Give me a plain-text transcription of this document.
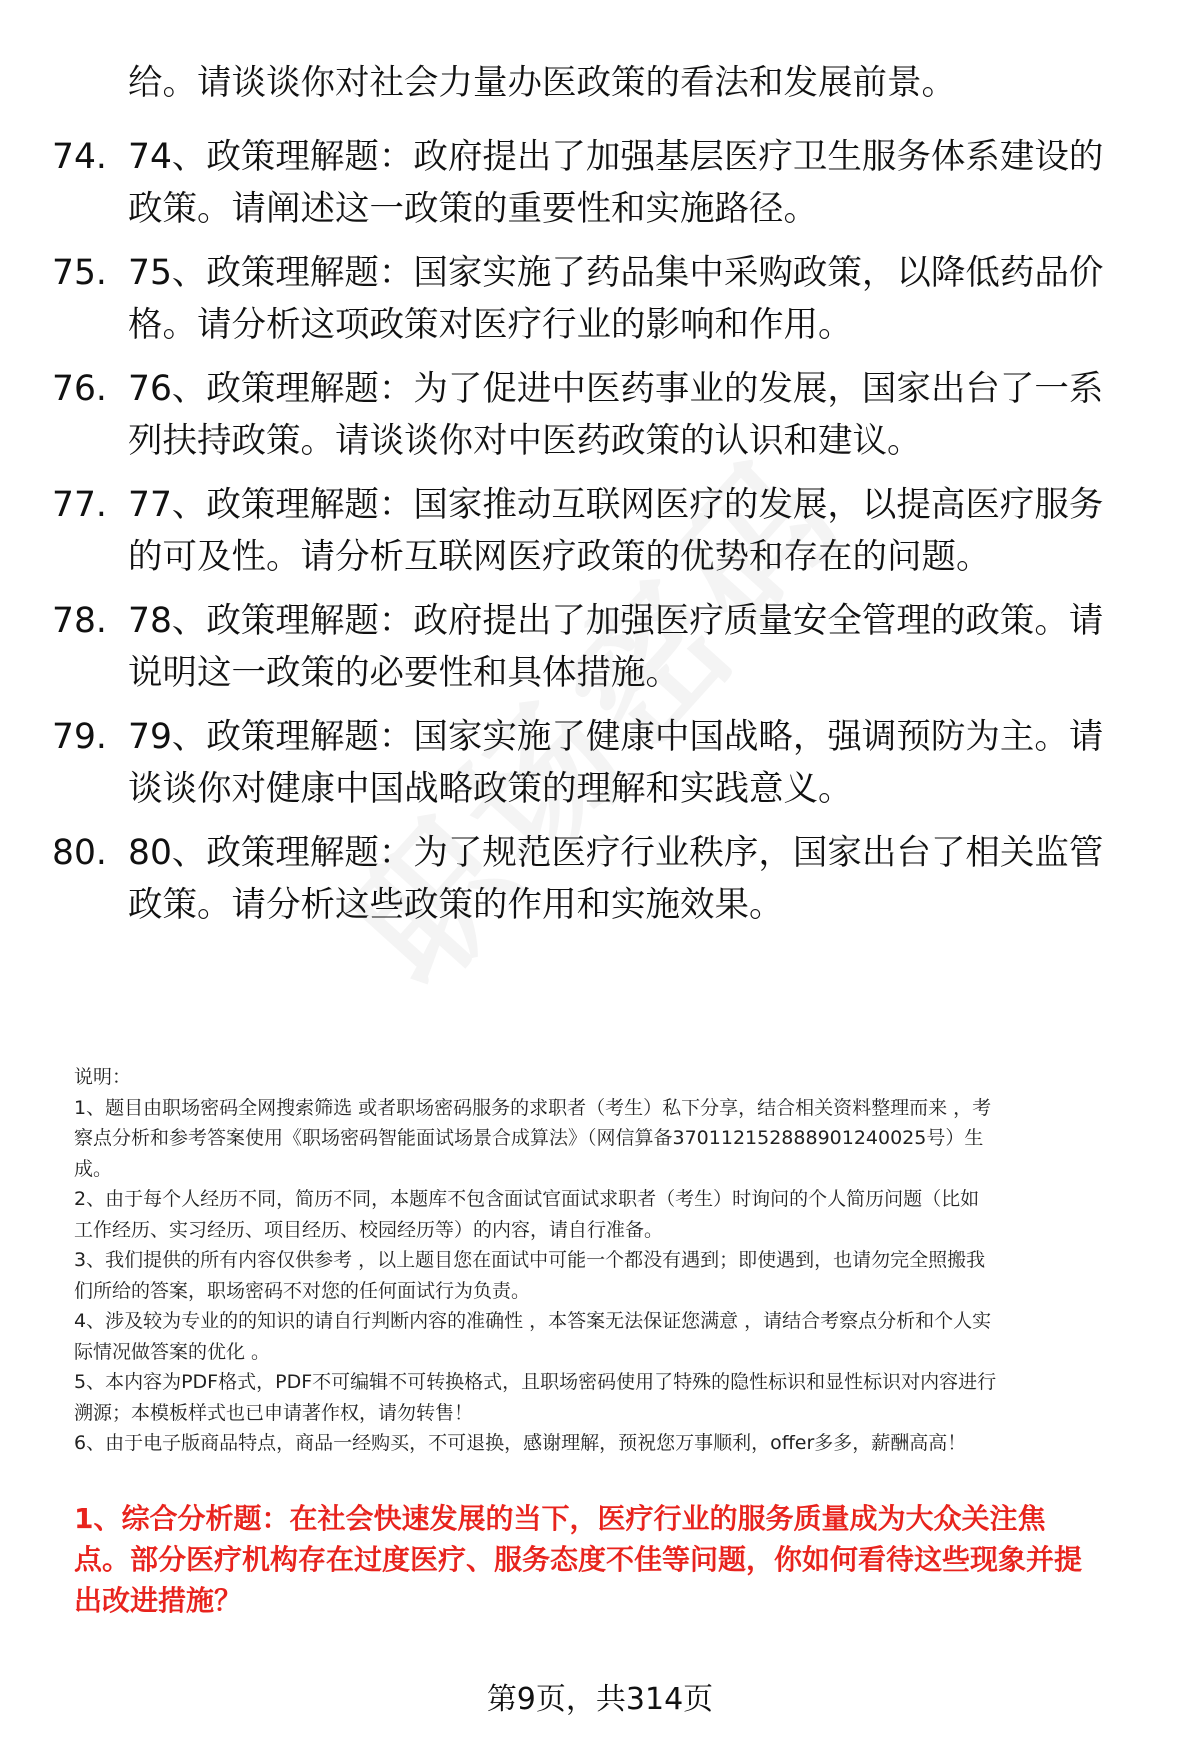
给。请谈谈你对社会力量办医政策的看法和发展前景。
74. 74、政策理解题：政府提出了加强基层医疗卫生服务体系建设的
政策。请阐述这一政策的重要性和实施路径。
75. 75、政策理解题：国家实施了药品集中采购政策，以降低药品价
格。请分析这项政策对医疗行业的影响和作用。
76. 76、政策理解题：为了促进中医药事业的发展，国家出台了一系
列扶持政策。请谈谈你对中医药政策的认识和建议。
77. 77、政策理解题：国家推动互联网医疗的发展，以提高医疗服务
的可及性。请分析互联网医疗政策的优势和存在的问题。
78. 78、政策理解题：政府提出了加强医疗质量安全管理的政策。请
说明这一政策的必要性和具体措施。
79. 79、政策理解题：国家实施了健康中国战略，强调预防为主。请
谈谈你对健康中国战略政策的理解和实践意义。
80. 80、政策理解题：为了规范医疗行业秩序，国家出台了相关监管
政策。请分析这些政策的作用和实施效果。
说明：
1、题目由职场密码全网搜索筛选 或者职场密码服务的求职者（考生）私下分享，结合相关资料整理而来 ，考
察点分析和参考答案使用《职场密码智能面试场景合成算法》（网信算备370112152888901240025号）生
成。
2、由于每个人经历不同，简历不同，本题库不包含面试官面试求职者（考生）时询问的个人简历问题（比如
工作经历、实习经历、项目经历、校园经历等）的内容，请自行准备。
3、我们提供的所有内容仅供参考 ，以上题目您在面试中可能一个都没有遇到；即使遇到，也请勿完全照搬我
们所给的答案，职场密码不对您的任何面试行为负责。
4、涉及较为专业的的知识的请自行判断内容的准确性 ，本答案无法保证您满意 ，请结合考察点分析和个人实
际情况做答案的优化 。
5、本内容为PDF格式，PDF不可编辑不可转换格式，且职场密码使用了特殊的隐性标识和显性标识对内容进行
溯源；本模板样式也已申请著作权，请勿转售！
6、由于电子版商品特点，商品一经购买，不可退换，感谢理解，预祝您万事顺利，offer多多，薪酬高高！
1、综合分析题：在社会快速发展的当下，医疗行业的服务质量成为大众关注焦
点。部分医疗机构存在过度医疗、服务态度不佳等问题，你如何看待这些现象并提
出改进措施？
第9页，共314页
